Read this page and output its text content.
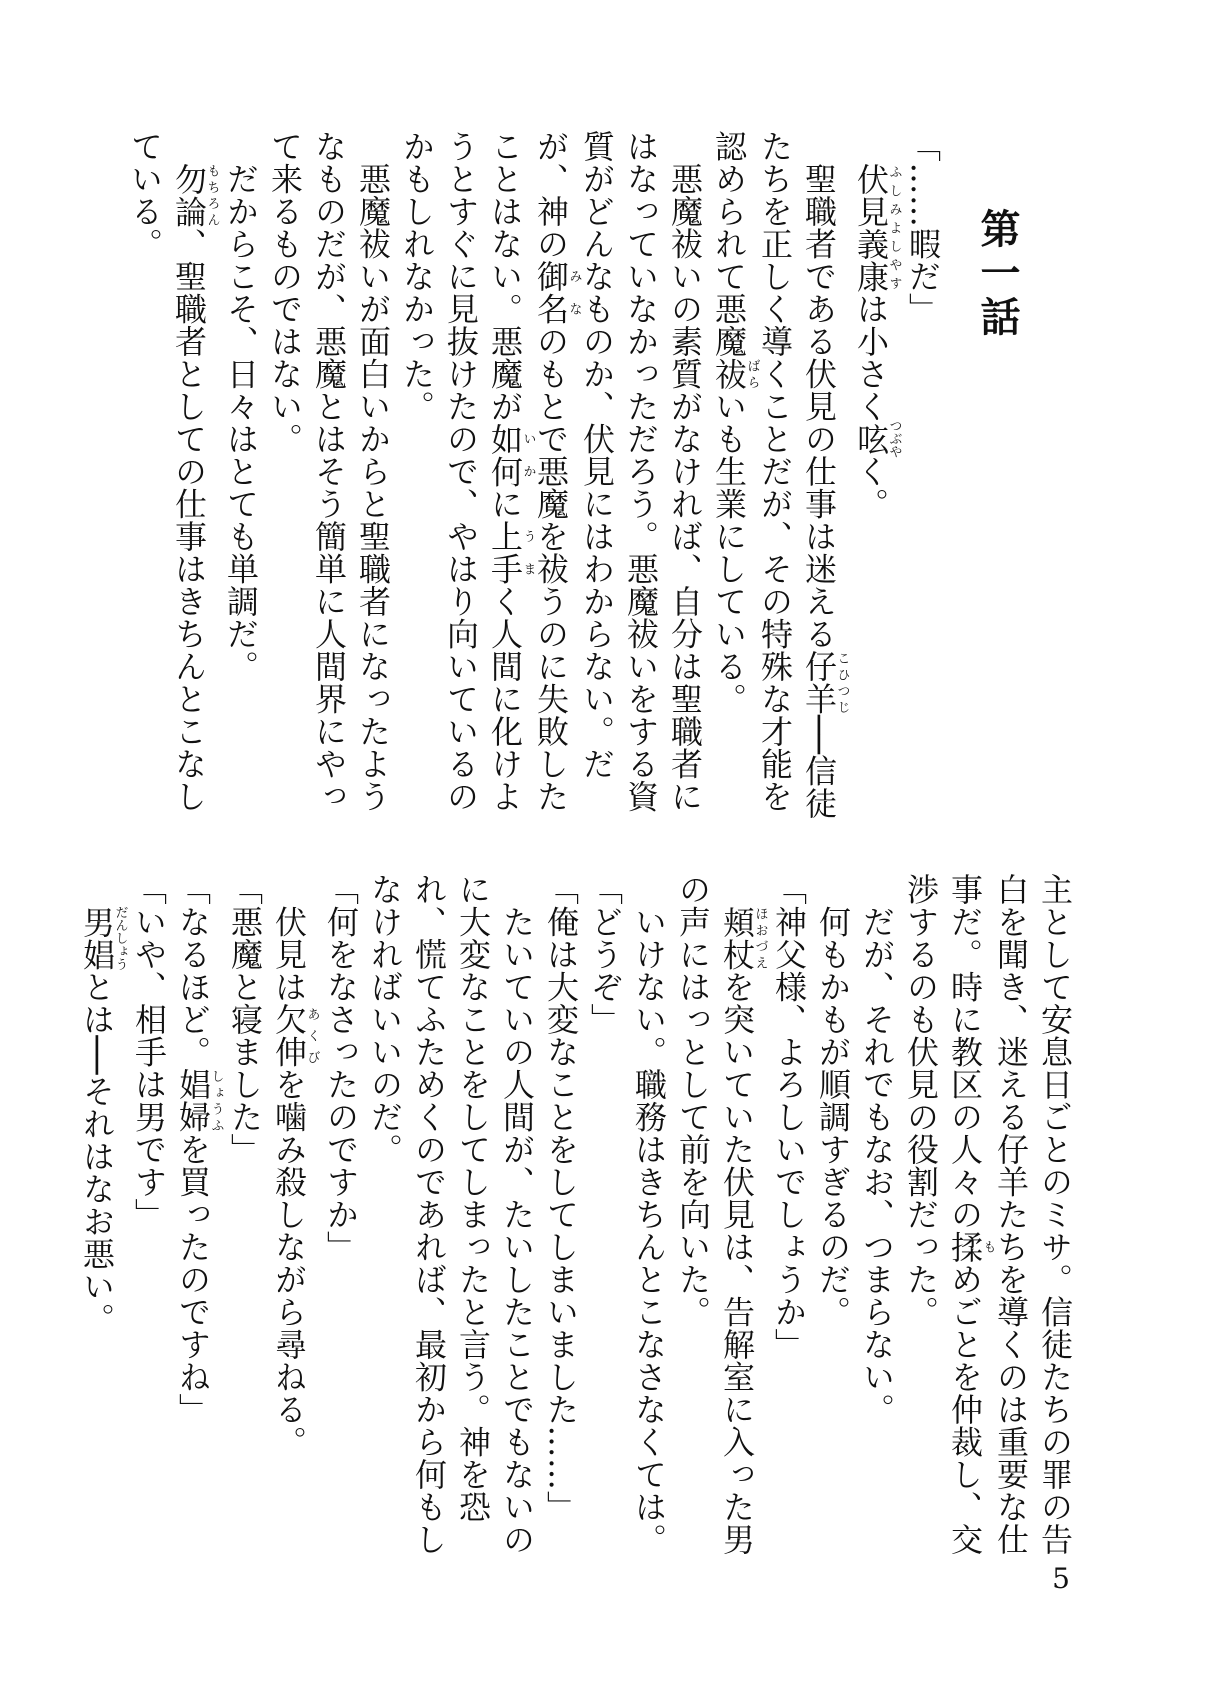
第一話

「……暇だ」

　伏見義康ふしみよしやすは小さく呟つぶやく。

　聖職者である伏見の仕事は迷える仔羊こひつじ──信徒たちを正しく導くことだが、その特殊な才能を認められて悪魔祓ばらいも生業にしている。

　悪魔祓いの素質がなければ、自分は聖職者にはなっていなかっただろう。悪魔祓いをする資質がどんなものか、伏見にはわからない。だが、神の御名みなのもとで悪魔を祓うのに失敗したことはない。悪魔が如何いかに上手うまく人間に化けようとすぐに見抜けたので、やはり向いているのかもしれなかった。

　悪魔祓いが面白いからと聖職者になったようなものだが、悪魔とはそう簡単に人間界にやって来るものではない。

　だからこそ、日々はとても単調だ。

　勿論もちろん、聖職者としての仕事はきちんとこなしている。

主として安息日ごとのミサ。信徒たちの罪の告白を聞き、迷える仔羊たちを導くのは重要な仕事だ。時に教区の人々の揉もめごとを仲裁し、交渉するのも伏見の役割だった。

　だが、それでもなお、つまらない。

　何もかもが順調すぎるのだ。

「神父様、よろしいでしょうか」

　頬杖ほおづえを突いていた伏見は、告解室に入った男の声にはっとして前を向いた。

　いけない。職務はきちんとこなさなくては。

「どうぞ」

「俺は大変なことをしてしまいました……」

　たいていの人間が、たいしたことでもないのに大変なことをしてしまったと言う。神を恐れ、慌てふためくのであれば、最初から何もしなければいいのだ。

「何をなさったのですか」

　伏見は欠伸あくびを噛み殺しながら尋ねる。

「悪魔と寝ました」

「なるほど。娼婦しょうふを買ったのですね」

「いや、相手は男です」

　男娼だんしょうとは──それはなお悪い。

5
